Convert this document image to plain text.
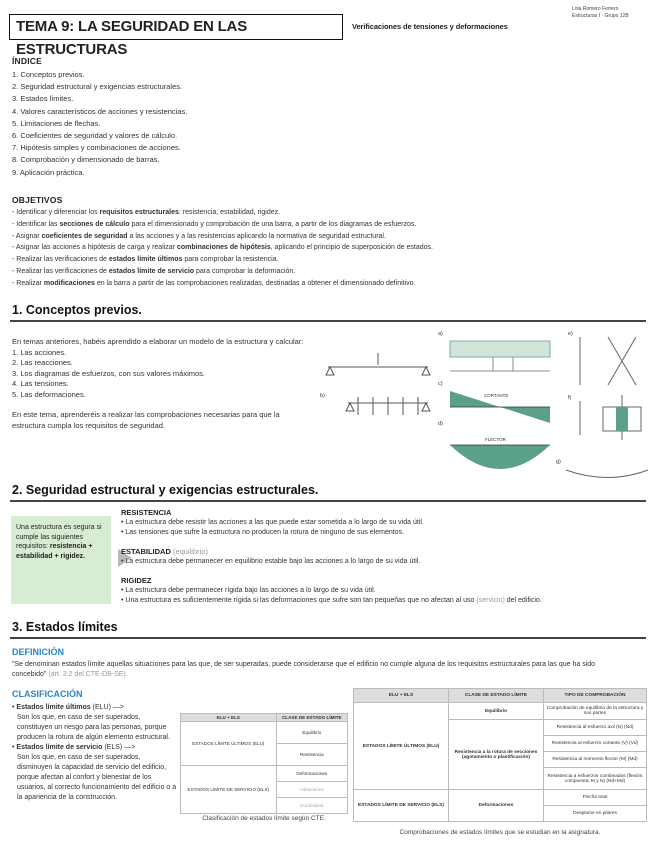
TEMA 9: LA SEGURIDAD EN LAS ESTRUCTURAS
Verificaciones de tensiones y deformaciones
Lola Romero Ferrero
Estructuras I · Grupo 12B
ÍNDICE
1. Conceptos previos.
2. Seguridad estructural y exigencias estructurales.
3. Estados límites.
4. Valores característicos de acciones y resistencias.
5. Limitaciones de flechas.
6. Coeficientes de seguridad y valores de cálculo.
7. Hipótesis simples y combinaciones de acciones.
8. Comprobación y dimensionado de barras.
9. Aplicación práctica.
OBJETIVOS
- Identificar y diferenciar los requisitos estructurales: resistencia, estabilidad, rigidez.
- Identificar las secciones de cálculo para el dimensionado y comprobación de una barra, a partir de los diagramas de esfuerzos.
- Asignar coeficientes de seguridad a las acciones y a las resistencias aplicando la normativa de seguridad estructural.
- Asignar las acciones a hipótesis de carga y realizar combinaciones de hipótesis, aplicando el principio de superposición de estados.
- Realizar las verificaciones de estados límite últimos para comprobar la resistencia.
- Realizar las verificaciones de estados límite de servicio para comprobar la deformación.
- Realizar modificaciones en la barra a partir de las comprobaciones realizadas, destinadas a obtener el dimensionado definitivo.
1. Conceptos previos.
En temas anteriores, habéis aprendido a elaborar un modelo de la estructura y calcular:
1. Las acciones.
2. Las reacciones.
3. Los diagramas de esfuerzos, con sus valores máximos.
4. Las tensiones.
5. Las deformaciones.
En este tema, aprenderéis a realizar las comprobaciones necesarias para que la estructura cumpla los requisitos de seguridad.
a)
b)
c)
d)
CORTANTE
FLECTOR
e)
f)
g)
2. Seguridad estructural y exigencias estructurales.
Una estructura es segura si cumple las siguientes requisitos: resistencia + estabilidad + rigidez.
RESISTENCIA
• La estructura debe resistir las acciones a las que puede estar sometida a lo largo de su vida útil.
• Las tensiones que sufre la estructura no producen la rotura de ninguno de sus elementos.
ESTABILIDAD (equilibrio)
• La estructura debe permanecer en equilibrio estable bajo las acciones a lo largo de su vida útil.
RIGIDEZ
• La estructura debe permanecer rígida bajo las acciones a lo largo de su vida útil.
• Una estructura es suficientemente rígida si las deformaciones que sufre son tan pequeñas que no afectan al uso (servicio) del edificio.
3. Estados límites
DEFINICIÓN
"Se denominan estados límite aquellas situaciones para las que, de ser superadas, puede considerarse que el edificio no cumple alguna de los requisitos estructurales para las que ha sido concebido" (art. 3.2 del CTE-DB-SE).
CLASIFICACIÓN
• Estados límite últimos (ELU) —>
Son los que, en caso de ser superados, constituyen un riesgo para las personas, porque producen la rotura de algún elemento estructural.
• Estados límite de servicio (ELS) —>
Son los que, en caso de ser superados, disminuyen la capacidad de servicio del edificio, porque afectan al confort y bienestar de los usuarios, al correcto funcionamiento del edificio o a la apariencia de la construcción.
ELU + ELS	CLASE DE ESTADO LÍMITE
ESTADOS LÍMITE ÚLTIMOS (ELU)	Equilibrio
	Resistencia
ESTADOS LÍMITE DE SERVICIO (ELS)	Deformaciones
	Vibraciones
	Durabilidad
Clasificación de estados límite según CTE.
ELU + ELS	CLASE DE ESTADO LÍMITE	TIPO DE COMPROBACIÓN
ESTADOS LÍMITE ÚLTIMOS (ELU)	Equilibrio	Comprobación de equilibrio de la estructura y sus partes
	Resistencia a la rotura de secciones (agotamiento o plastificación)	Resistencia al esfuerzo axil (N) (Nd)
		Resistencia al esfuerzo cortante (V) (Vd)
		Resistencia al momento flector (M) (Md)
		Resistencia a esfuerzos combinados (flexión compuesta, M y N) (Nd+Md)
ESTADOS LÍMITE DE SERVICIO (ELS)	Deformaciones	Flecha total
		Desplome en pilares
Comprobaciones de estados límites que se estudian en la asignatura.
